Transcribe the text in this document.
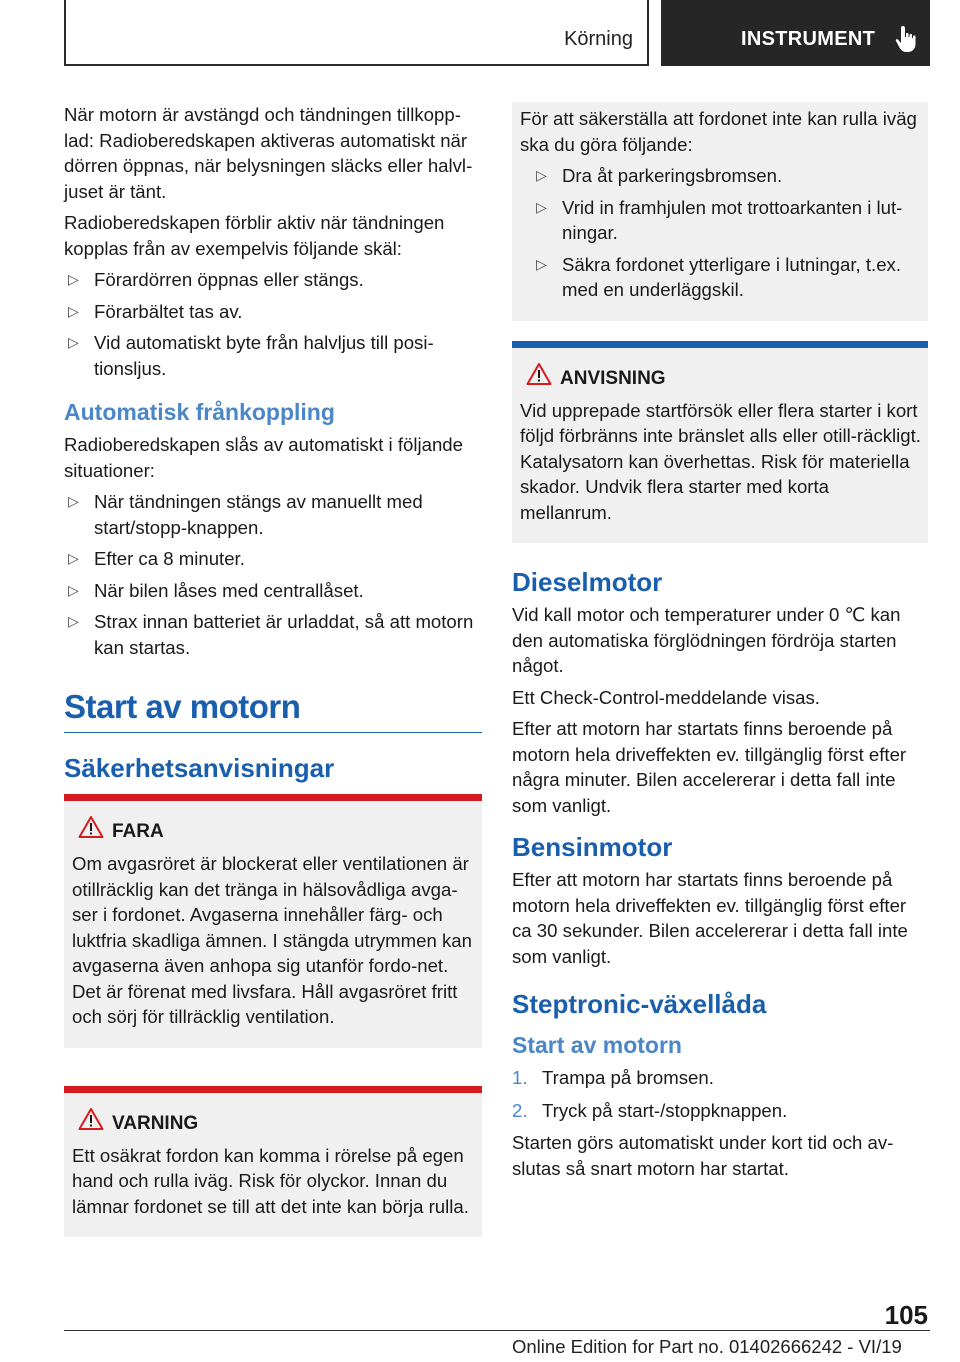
Körning	INSTRUMENT

När motorn är avstängd och tändningen tillkopp‐lad: Radioberedskapen aktiveras automatiskt när dörren öppnas, när belysningen släcks eller halvl‐juset är tänt.

Radioberedskapen förblir aktiv när tändningen kopplas från av exempelvis följande skäl:

▷ Förardörren öppnas eller stängs.
▷ Förarbältet tas av.
▷ Vid automatiskt byte från halvljus till posi‐tionsljus.
Automatisk frånkoppling

Radioberedskapen slås av automatiskt i följande situationer:

▷ När tändningen stängs av manuellt med start/stopp-knappen.
▷ Efter ca 8 minuter.
▷ När bilen låses med centrallåset.
▷ Strax innan batteriet är urladdat, så att motorn kan startas.
Start av motorn
Säkerhetsanvisningar
FARA

Om avgasröret är blockerat eller ventilationen är otillräcklig kan det tränga in hälsovådliga avga‐ser i fordonet. Avgaserna innehåller färg- och luktfria skadliga ämnen. I stängda utrymmen kan avgaserna även anhopa sig utanför fordo‐net. Det är förenat med livsfara. Håll avgasröret fritt och sörj för tillräcklig ventilation.

VARNING

Ett osäkrat fordon kan komma i rörelse på egen hand och rulla iväg. Risk för olyckor. Innan du lämnar fordonet se till att det inte kan börja rulla.

För att säkerställa att fordonet inte kan rulla iväg ska du göra följande:

▷ Dra åt parkeringsbromsen.
▷ Vrid in framhjulen mot trottoarkanten i lut‐ningar.
▷ Säkra fordonet ytterligare i lutningar, t.ex. med en underläggskil.
ANVISNING

Vid upprepade startförsök eller flera starter i kort följd förbränns inte bränslet alls eller otill‐räckligt. Katalysatorn kan överhettas. Risk för materiella skador. Undvik flera starter med korta mellanrum.

Dieselmotor

Vid kall motor och temperaturer under 0 ℃ kan den automatiska förglödningen fördröja starten något.

Ett Check-Control-meddelande visas.

Efter att motorn har startats finns beroende på motorn hela driveffekten ev. tillgänglig först efter några minuter. Bilen accelererar i detta fall inte som vanligt.

Bensinmotor

Efter att motorn har startats finns beroende på motorn hela driveffekten ev. tillgänglig först efter ca 30 sekunder. Bilen accelererar i detta fall inte som vanligt.

Steptronic-växellåda
Start av motorn
1. Trampa på bromsen.
2. Tryck på start-/stoppknappen.

Starten görs automatiskt under kort tid och av‐slutas så snart motorn har startat.

105
Online Edition for Part no. 01402666242 - VI/19
